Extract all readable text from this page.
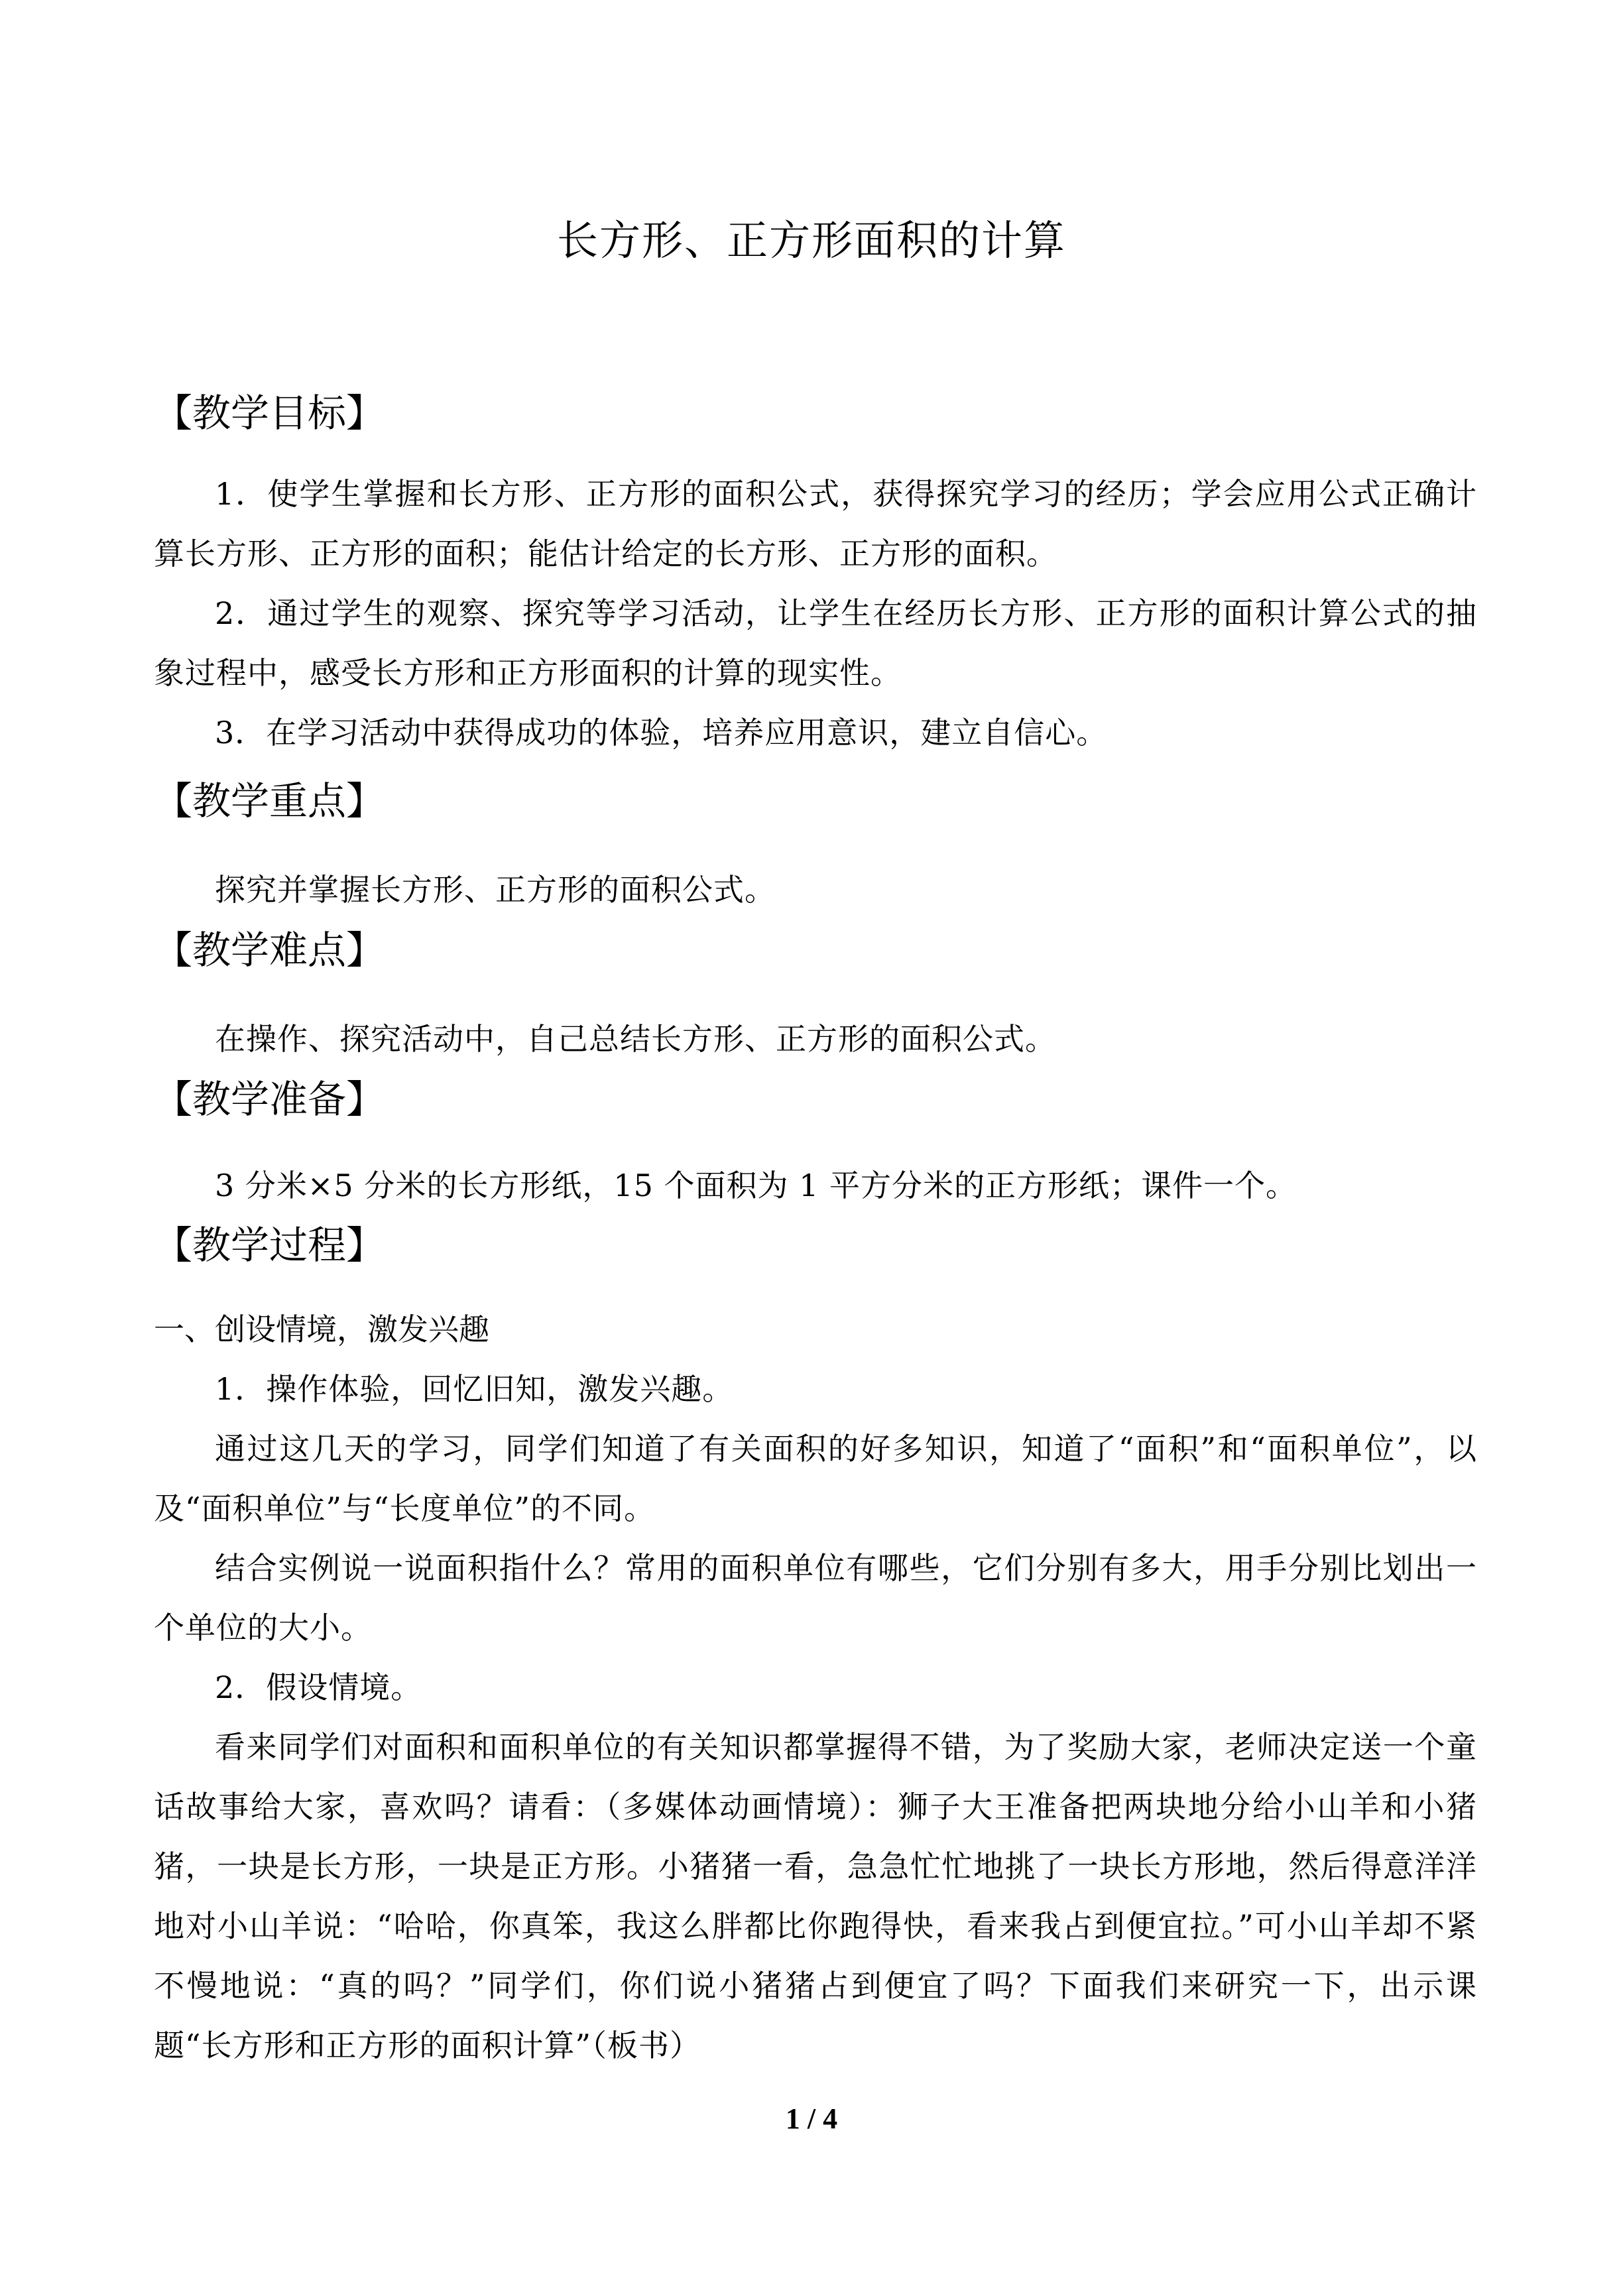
长方形、正方形面积的计算
【教学目标】
1．使学生掌握和长方形、正方形的面积公式，获得探究学习的经历；学会应用公式正确计算长方形、正方形的面积；能估计给定的长方形、正方形的面积。
2．通过学生的观察、探究等学习活动，让学生在经历长方形、正方形的面积计算公式的抽象过程中，感受长方形和正方形面积的计算的现实性。
3．在学习活动中获得成功的体验，培养应用意识，建立自信心。
【教学重点】
探究并掌握长方形、正方形的面积公式。
【教学难点】
在操作、探究活动中，自己总结长方形、正方形的面积公式。
【教学准备】
3 分米×5 分米的长方形纸，15 个面积为 1 平方分米的正方形纸；课件一个。
【教学过程】
一、创设情境，激发兴趣
1．操作体验，回忆旧知，激发兴趣。
通过这几天的学习，同学们知道了有关面积的好多知识，知道了“面积”和“面积单位”，以及“面积单位”与“长度单位”的不同。
结合实例说一说面积指什么？常用的面积单位有哪些，它们分别有多大，用手分别比划出一个单位的大小。
2．假设情境。
看来同学们对面积和面积单位的有关知识都掌握得不错，为了奖励大家，老师决定送一个童话故事给大家，喜欢吗？请看：（多媒体动画情境）：狮子大王准备把两块地分给小山羊和小猪猪，一块是长方形，一块是正方形。小猪猪一看，急急忙忙地挑了一块长方形地，然后得意洋洋地对小山羊说：“哈哈，你真笨，我这么胖都比你跑得快，看来我占到便宜拉。”可小山羊却不紧不慢地说：“真的吗？”同学们，你们说小猪猪占到便宜了吗？下面我们来研究一下，出示课题“长方形和正方形的面积计算”（板书）
1 / 4
